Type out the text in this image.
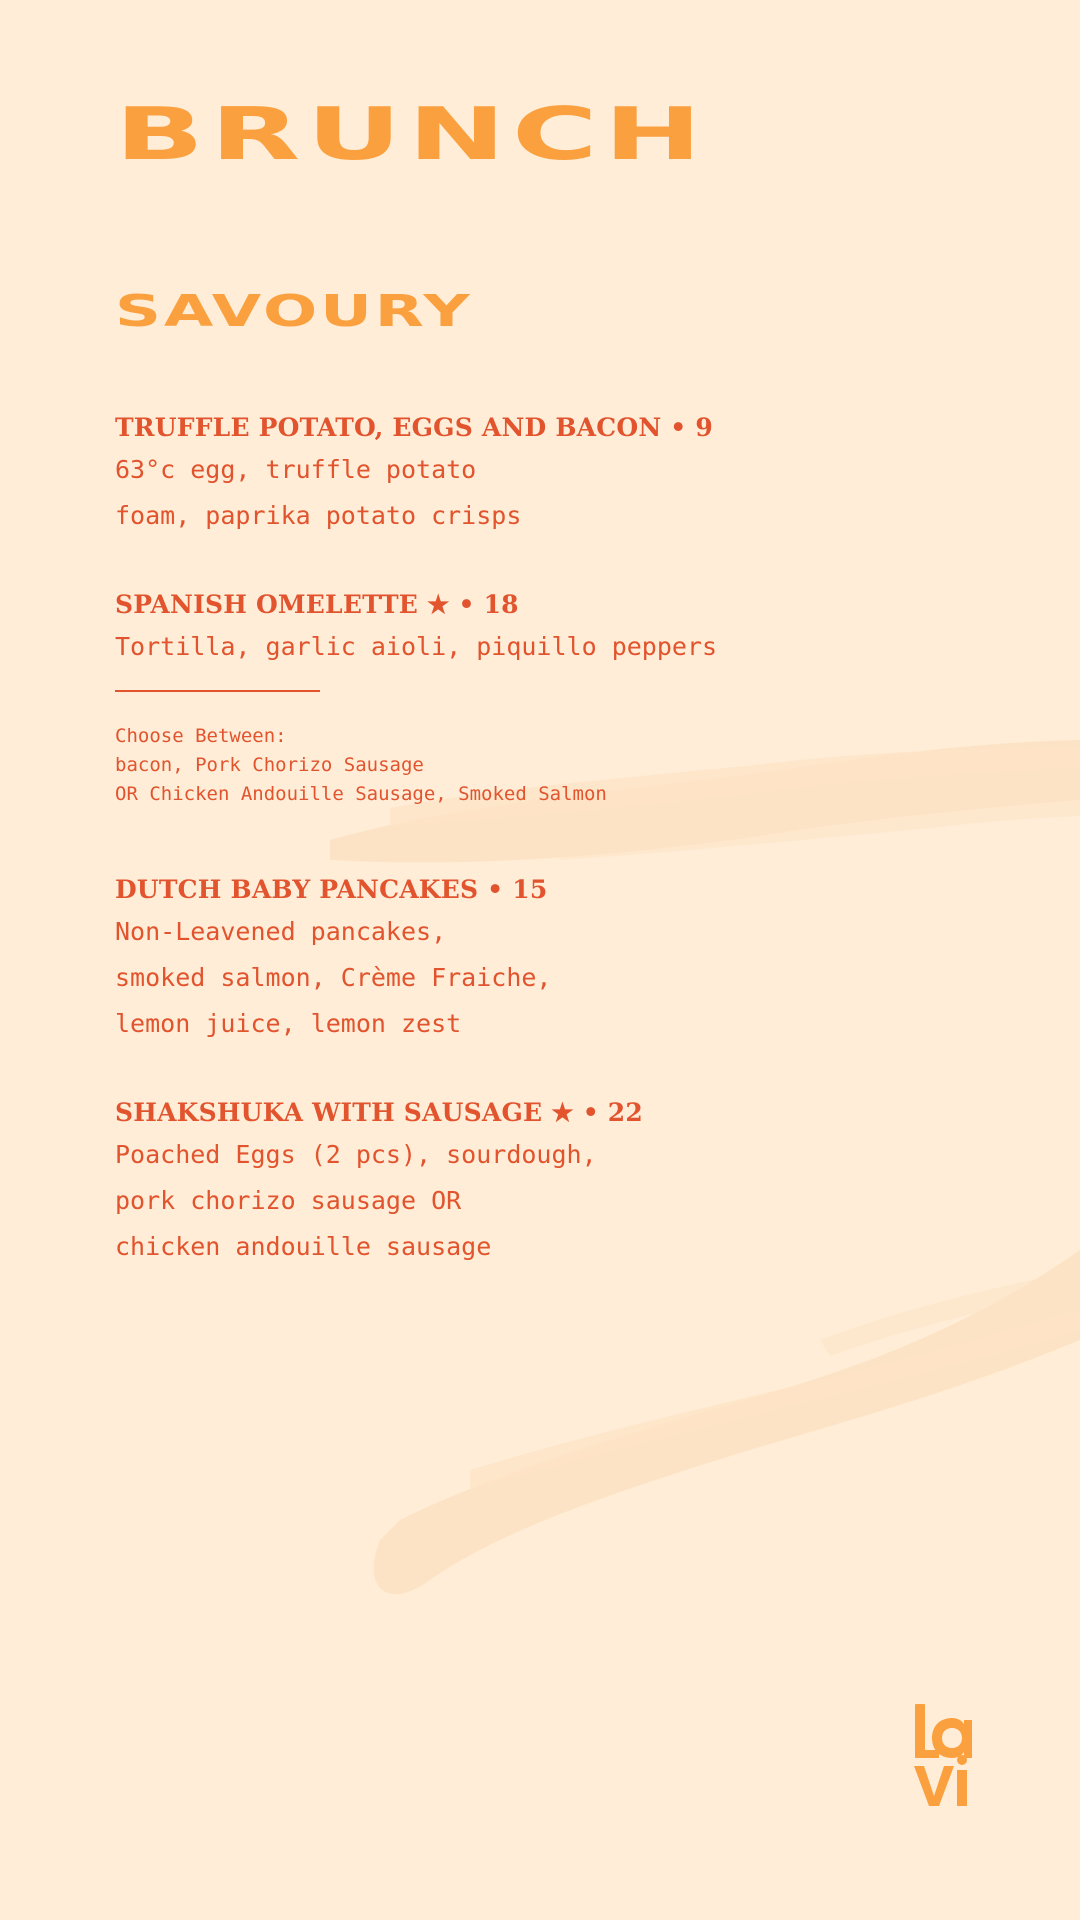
BRUNCH
SAVOURY
TRUFFLE POTATO, EGGS AND BACON • 9
63°c egg, truffle potato
foam, paprika potato crisps
SPANISH OMELETTE ★ • 18
Tortilla, garlic aioli, piquillo peppers
Choose Between:
bacon, Pork Chorizo Sausage
OR Chicken Andouille Sausage, Smoked Salmon
DUTCH BABY PANCAKES • 15
Non-Leavened pancakes,
smoked salmon, Crème Fraiche,
lemon juice, lemon zest
SHAKSHUKA WITH SAUSAGE ★ • 22
Poached Eggs (2 pcs), sourdough,
pork chorizo sausage OR
chicken andouille sausage
